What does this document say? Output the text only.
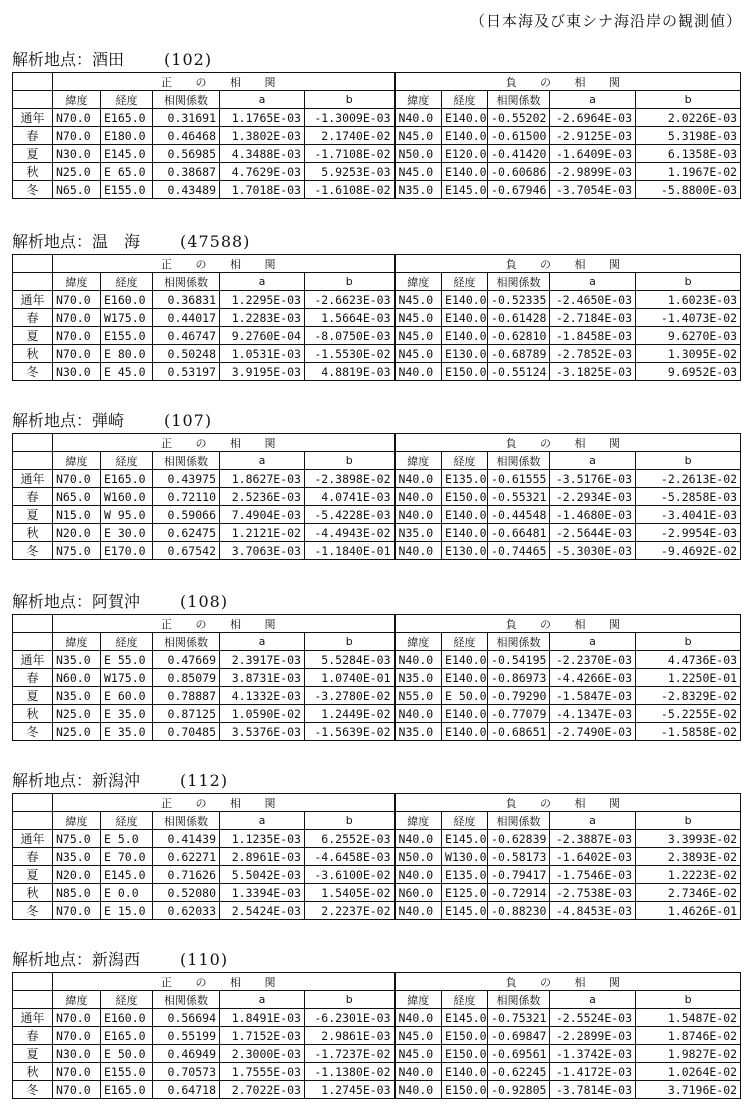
（日本海及び東シナ海沿岸の観測値）
解析地点：酒田	(102)
	正 の 相 関					負 の 相 関				
	緯度	経度	相関係数	a	b	緯度	経度	相関係数	a	b
通年	N70.0	E165.0	0.31691	1.1765E-03	-1.3009E-03	N40.0	E140.0	-0.55202	-2.6964E-03	2.0226E-03
春	N70.0	E180.0	0.46468	1.3802E-03	2.1740E-02	N45.0	E140.0	-0.61500	-2.9125E-03	5.3198E-03
夏	N30.0	E145.0	0.56985	4.3488E-03	-1.7108E-02	N50.0	E120.0	-0.41420	-1.6409E-03	6.1358E-03
秋	N25.0	E 65.0	0.38687	4.7629E-03	5.9253E-03	N45.0	E140.0	-0.60686	-2.9899E-03	1.1967E-02
冬	N65.0	E155.0	0.43489	1.7018E-03	-1.6108E-02	N35.0	E145.0	-0.67946	-3.7054E-03	-5.8800E-03
解析地点：温　海	(47588)
	正 の 相 関					負 の 相 関				
	緯度	経度	相関係数	a	b	緯度	経度	相関係数	a	b
通年	N70.0	E160.0	0.36831	1.2295E-03	-2.6623E-03	N45.0	E140.0	-0.52335	-2.4650E-03	1.6023E-03
春	N70.0	W175.0	0.44017	1.2283E-03	1.5664E-03	N45.0	E140.0	-0.61428	-2.7184E-03	-1.4073E-02
夏	N70.0	E155.0	0.46747	9.2760E-04	-8.0750E-03	N45.0	E140.0	-0.62810	-1.8458E-03	9.6270E-03
秋	N70.0	E 80.0	0.50248	1.0531E-03	-1.5530E-02	N45.0	E130.0	-0.68789	-2.7852E-03	1.3095E-02
冬	N30.0	E 45.0	0.53197	3.9195E-03	4.8819E-03	N40.0	E150.0	-0.55124	-3.1825E-03	9.6952E-03
解析地点：弾崎	(107)
	正 の 相 関					負 の 相 関				
	緯度	経度	相関係数	a	b	緯度	経度	相関係数	a	b
通年	N70.0	E165.0	0.43975	1.8627E-03	-2.3898E-02	N40.0	E135.0	-0.61555	-3.5176E-03	-2.2613E-02
春	N65.0	W160.0	0.72110	2.5236E-03	4.0741E-03	N40.0	E150.0	-0.55321	-2.2934E-03	-5.2858E-03
夏	N15.0	W 95.0	0.59066	7.4904E-03	-5.4228E-03	N40.0	E140.0	-0.44548	-1.4680E-03	-3.4041E-03
秋	N20.0	E 30.0	0.62475	1.2121E-02	-4.4943E-02	N35.0	E140.0	-0.66481	-2.5644E-03	-2.9954E-03
冬	N75.0	E170.0	0.67542	3.7063E-03	-1.1840E-01	N40.0	E130.0	-0.74465	-5.3030E-03	-9.4692E-02
解析地点：阿賀沖	(108)
	正 の 相 関					負 の 相 関				
	緯度	経度	相関係数	a	b	緯度	経度	相関係数	a	b
通年	N35.0	E 55.0	0.47669	2.3917E-03	5.5284E-03	N40.0	E140.0	-0.54195	-2.2370E-03	4.4736E-03
春	N60.0	W175.0	0.85079	3.8731E-03	1.0740E-01	N35.0	E140.0	-0.86973	-4.4266E-03	1.2250E-01
夏	N35.0	E 60.0	0.78887	4.1332E-03	-3.2780E-02	N55.0	E 50.0	-0.79290	-1.5847E-03	-2.8329E-02
秋	N25.0	E 35.0	0.87125	1.0590E-02	1.2449E-02	N40.0	E140.0	-0.77079	-4.1347E-03	-5.2255E-02
冬	N25.0	E 35.0	0.70485	3.5376E-03	-1.5639E-02	N35.0	E140.0	-0.68651	-2.7490E-03	-1.5858E-02
解析地点：新潟沖	(112)
	正 の 相 関					負 の 相 関				
	緯度	経度	相関係数	a	b	緯度	経度	相関係数	a	b
通年	N75.0	E 5.0	0.41439	1.1235E-03	6.2552E-03	N40.0	E145.0	-0.62839	-2.3887E-03	3.3993E-02
春	N35.0	E 70.0	0.62271	2.8961E-03	-4.6458E-03	N50.0	W130.0	-0.58173	-1.6402E-03	2.3893E-02
夏	N20.0	E145.0	0.71626	5.5042E-03	-3.6100E-02	N40.0	E135.0	-0.79417	-1.7546E-03	1.2223E-02
秋	N85.0	E 0.0	0.52080	1.3394E-03	1.5405E-02	N60.0	E125.0	-0.72914	-2.7538E-03	2.7346E-02
冬	N70.0	E 15.0	0.62033	2.5424E-03	2.2237E-02	N40.0	E145.0	-0.88230	-4.8453E-03	1.4626E-01
解析地点：新潟西	(110)
	正 の 相 関					負 の 相 関				
	緯度	経度	相関係数	a	b	緯度	経度	相関係数	a	b
通年	N70.0	E160.0	0.56694	1.8491E-03	-6.2301E-03	N40.0	E145.0	-0.75321	-2.5524E-03	1.5487E-02
春	N70.0	E165.0	0.55199	1.7152E-03	2.9861E-03	N45.0	E150.0	-0.69847	-2.2899E-03	1.8746E-02
夏	N30.0	E 50.0	0.46949	2.3000E-03	-1.7237E-02	N45.0	E150.0	-0.69561	-1.3742E-03	1.9827E-02
秋	N70.0	E155.0	0.70573	1.7555E-03	-1.1380E-02	N40.0	E140.0	-0.62245	-1.4172E-03	1.0264E-02
冬	N70.0	E165.0	0.64718	2.7022E-03	1.2745E-03	N40.0	E150.0	-0.92805	-3.7814E-03	3.7196E-02
